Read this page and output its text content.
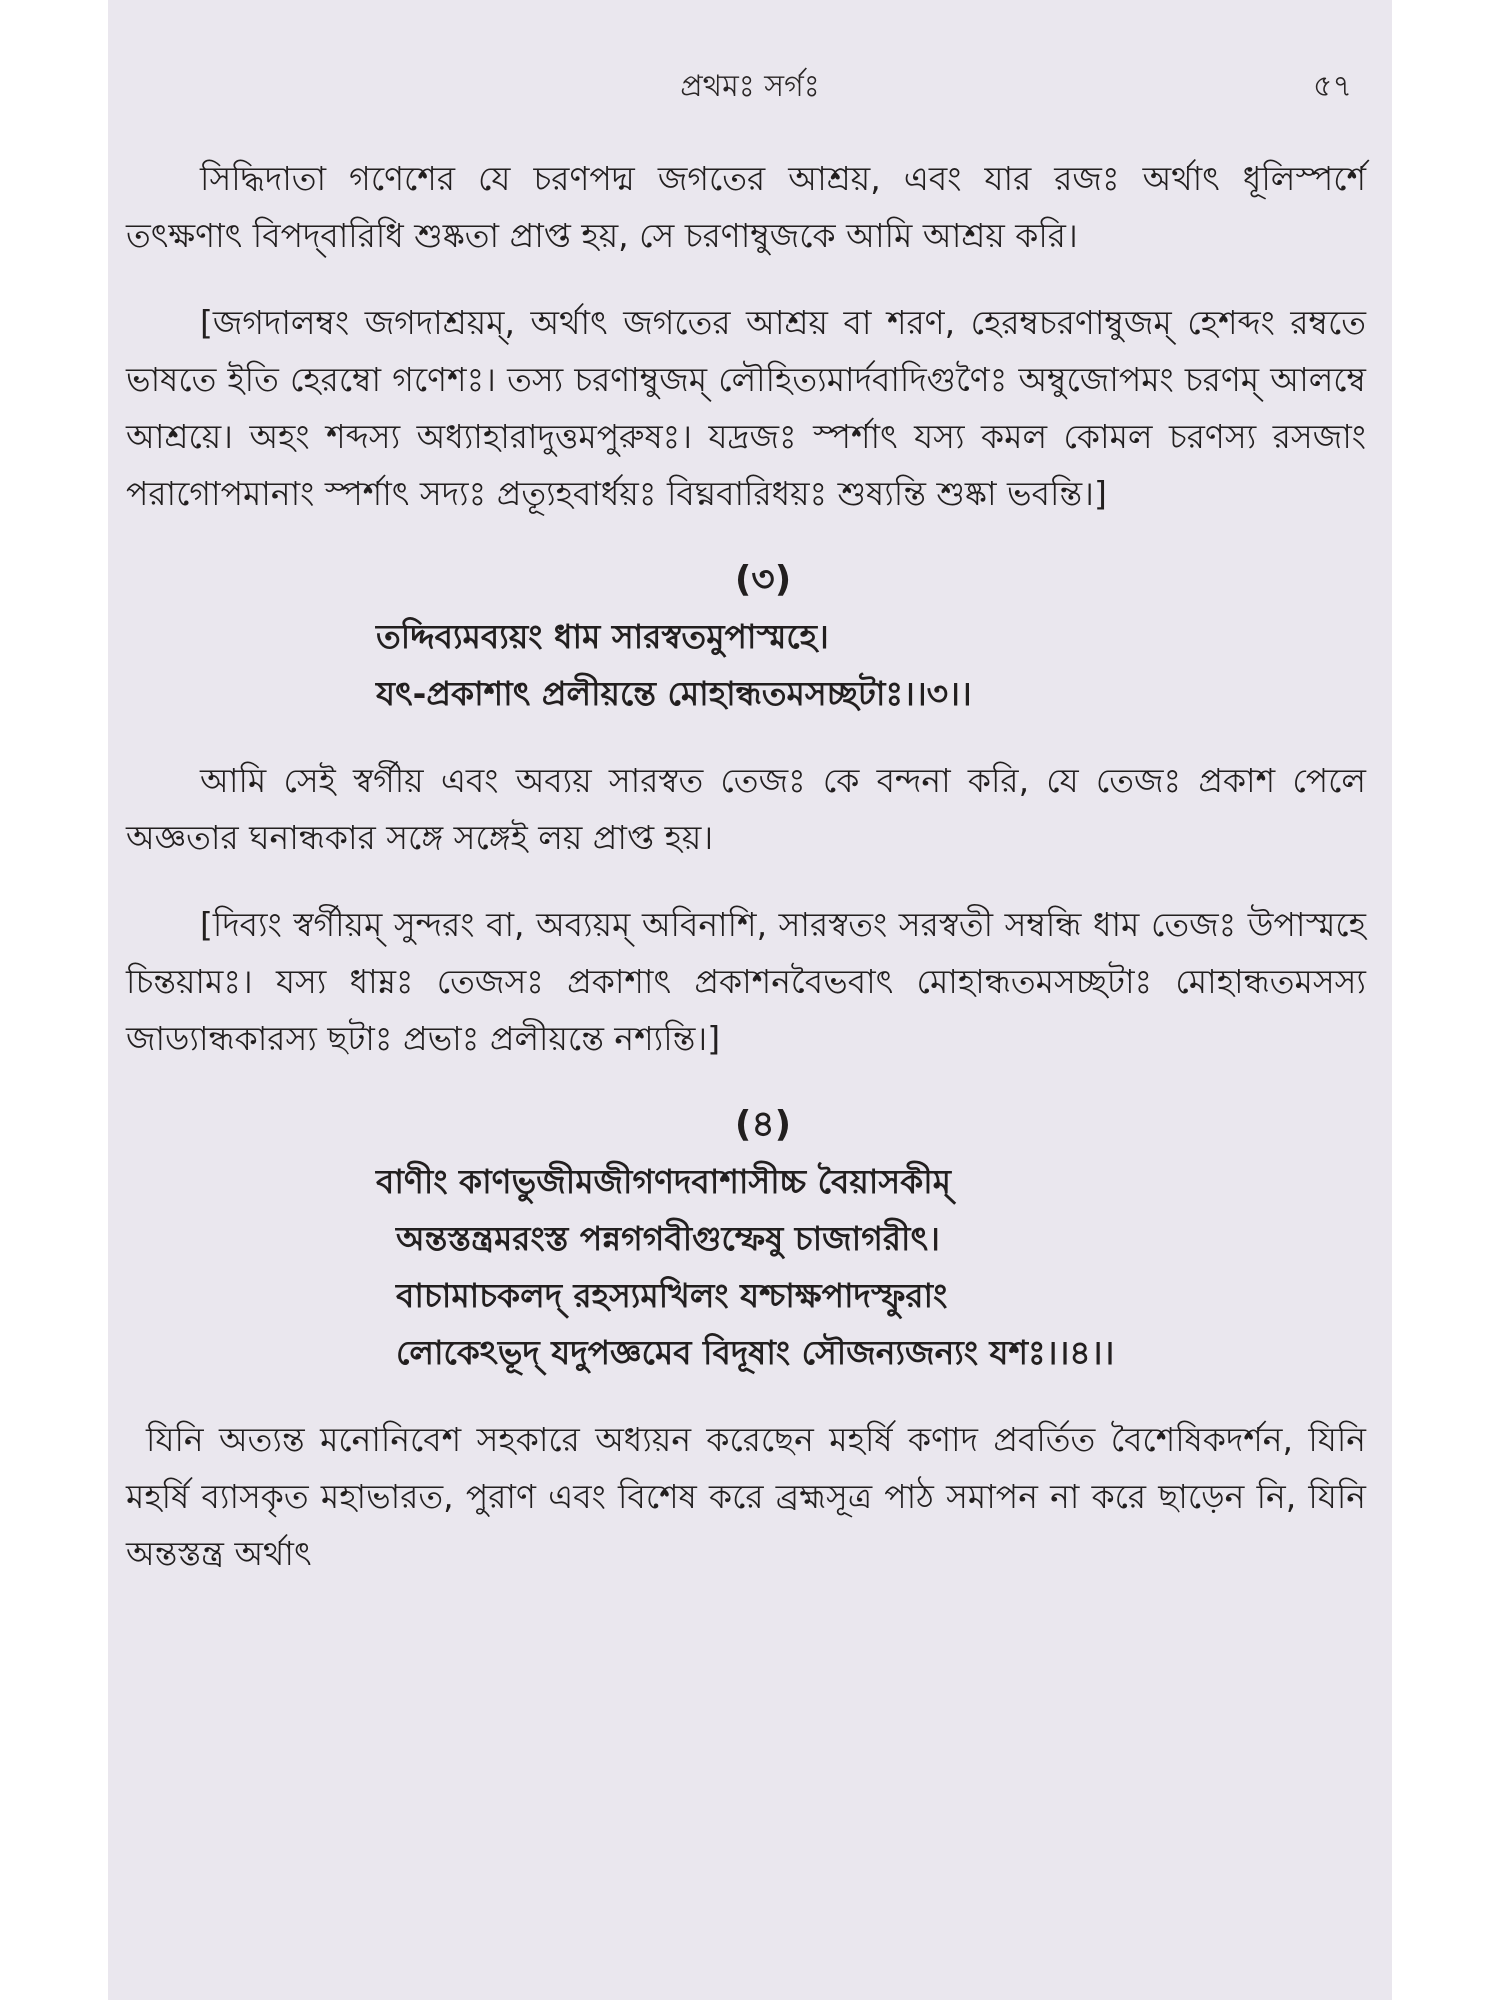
প্রথমঃ সর্গঃ	৫৭

সিদ্ধিদাতা গণেশের যে চরণপদ্ম জগতের আশ্রয়, এবং যার রজঃ অর্থাৎ ধূলিস্পর্শে তৎক্ষণাৎ বিপদ্‌বারিধি শুষ্কতা প্রাপ্ত হয়, সে চরণাম্বুজকে আমি আশ্রয় করি।

[জগদালম্বং জগদাশ্রয়ম্, অর্থাৎ জগতের আশ্রয় বা শরণ, হেরম্বচরণাম্বুজম্ হেশব্দং রম্বতে ভাষতে ইতি হেরম্বো গণেশঃ। তস্য চরণাম্বুজম্ লৌহিত্যমার্দবাদিগুণৈঃ অম্বুজোপমং চরণম্ আলম্বে আশ্রয়ে। অহং শব্দস্য অধ্যাহারাদুত্তমপুরুষঃ। যদ্রজঃ স্পর্শাৎ যস্য কমল কোমল চরণস্য রসজাং পরাগোপমানাং স্পর্শাৎ সদ্যঃ প্রত্যূহবার্ধয়ঃ বিঘ্নবারিধয়ঃ শুষ্যন্তি শুষ্কা ভবন্তি।]

(৩)

তদ্দিব্যমব্যয়ং ধাম সারস্বতমুপাস্মহে।

যৎ-প্রকাশাৎ প্রলীয়ন্তে মোহান্ধতমসচ্ছটাঃ।।৩।।

আমি সেই স্বর্গীয় এবং অব্যয় সারস্বত তেজঃ কে বন্দনা করি, যে তেজঃ প্রকাশ পেলে অজ্ঞতার ঘনান্ধকার সঙ্গে সঙ্গেই লয় প্রাপ্ত হয়।

[দিব্যং স্বর্গীয়ম্ সুন্দরং বা, অব্যয়ম্ অবিনাশি, সারস্বতং সরস্বতী সম্বন্ধি ধাম তেজঃ উপাস্মহে চিন্তয়ামঃ। যস্য ধাম্নঃ তেজসঃ প্রকাশাৎ প্রকাশনবৈভবাৎ মোহান্ধতমসচ্ছটাঃ মোহান্ধতমসস্য জাড্যান্ধকারস্য ছটাঃ প্রভাঃ প্রলীয়ন্তে নশ্যন্তি।]

(৪)

বাণীং কাণভুজীমজীগণদবাশাসীচ্চ বৈয়াসকীম্

অন্তস্তন্ত্রমরংস্ত পন্নগগবীগুম্ফেষু চাজাগরীৎ।

বাচামাচকলদ্ রহস্যমখিলং যশ্চাক্ষপাদস্ফুরাং

লোকেঽভূদ্ যদুপজ্ঞমেব বিদূষাং সৌজন্যজন্যং যশঃ।।৪।।

যিনি অত্যন্ত মনোনিবেশ সহকারে অধ্যয়ন করেছেন মহর্ষি কণাদ প্রবর্তিত বৈশেষিকদর্শন, যিনি মহর্ষি ব্যাসকৃত মহাভারত, পুরাণ এবং বিশেষ করে ব্রহ্মসূত্র পাঠ সমাপন না করে ছাড়েন নি, যিনি অন্তস্তন্ত্র অর্থাৎ
